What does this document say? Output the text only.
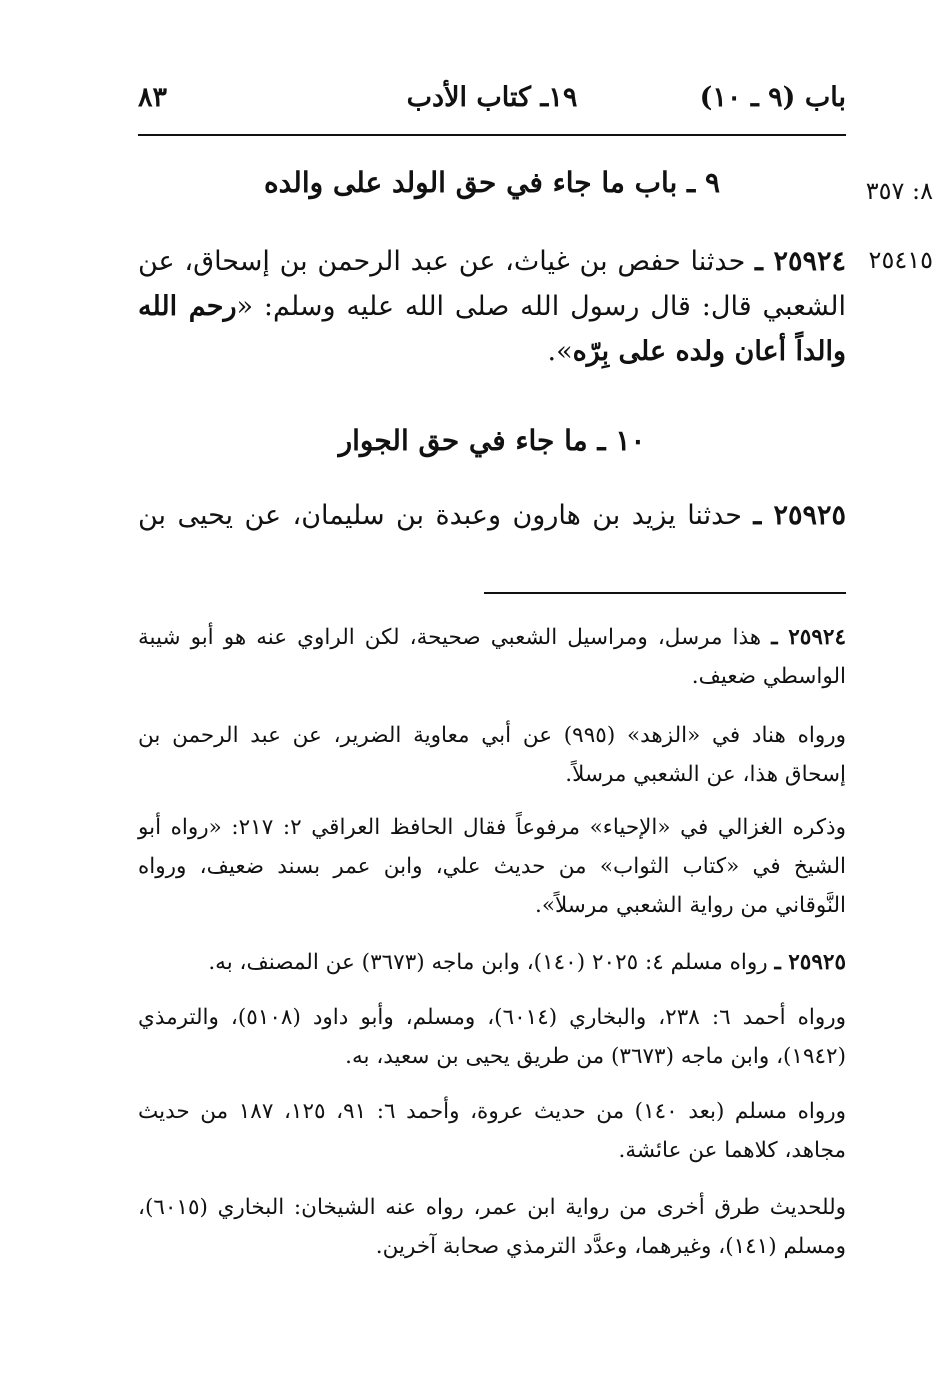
٨٣	١٩ـ كتاب الأدب	باب (٩ ـ ١٠)
٨: ٣٥٧
٢٥٤١٥
٩ ـ باب ما جاء في حق الولد على والده
٢٥٩٢٤ ـ حدثنا حفص بن غياث، عن عبد الرحمن بن إسحاق، عن الشعبي قال: قال رسول الله صلى الله عليه وسلم: «رحم الله والداً أعان ولده على بِرّه».
١٠ ـ ما جاء في حق الجوار
٢٥٩٢٥ ـ حدثنا يزيد بن هارون وعبدة بن سليمان، عن يحيى بن
٢٥٩٢٤ ـ هذا مرسل، ومراسيل الشعبي صحيحة، لكن الراوي عنه هو أبو شيبة الواسطي ضعيف.
ورواه هناد في «الزهد» (٩٩٥) عن أبي معاوية الضرير، عن عبد الرحمن بن إسحاق هذا، عن الشعبي مرسلاً.
وذكره الغزالي في «الإحياء» مرفوعاً فقال الحافظ العراقي ٢: ٢١٧: «رواه أبو الشيخ في «كتاب الثواب» من حديث علي، وابن عمر بسند ضعيف، ورواه النَّوقاني من رواية الشعبي مرسلاً».
٢٥٩٢٥ ـ رواه مسلم ٤: ٢٠٢٥ (١٤٠)، وابن ماجه (٣٦٧٣) عن المصنف، به.
ورواه أحمد ٦: ٢٣٨، والبخاري (٦٠١٤)، ومسلم، وأبو داود (٥١٠٨)، والترمذي (١٩٤٢)، وابن ماجه (٣٦٧٣) من طريق يحيى بن سعيد، به.
ورواه مسلم (بعد ١٤٠) من حديث عروة، وأحمد ٦: ٩١، ١٢٥، ١٨٧ من حديث مجاهد، كلاهما عن عائشة.
وللحديث طرق أخرى من رواية ابن عمر، رواه عنه الشيخان: البخاري (٦٠١٥)، ومسلم (١٤١)، وغيرهما، وعدَّد الترمذي صحابة آخرين.
